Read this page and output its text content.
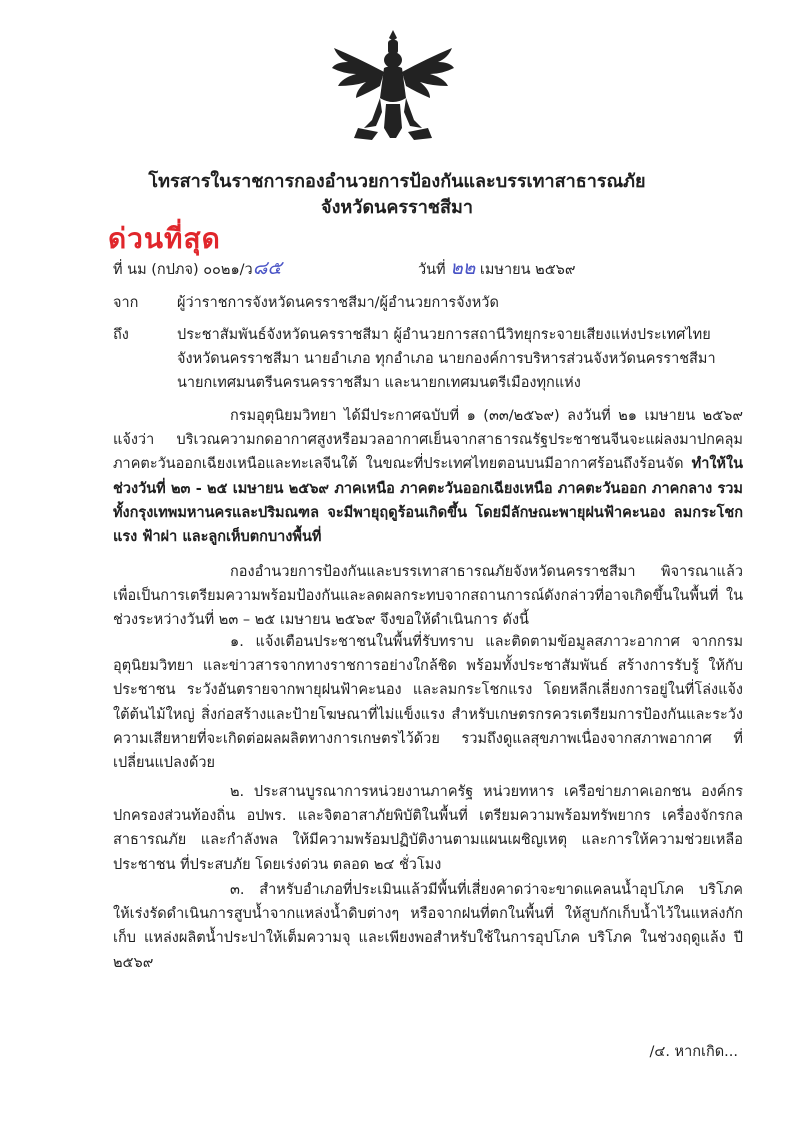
โทรสารในราชการกองอำนวยการป้องกันและบรรเทาสาธารณภัย
จังหวัดนครราชสีมา
ด่วนที่สุด
ที่ นม (กปภจ) ๐๐๒๑/ว๘๕	วันที่ ๒๒ เมษายน ๒๕๖๙
จาก	ผู้ว่าราชการจังหวัดนครราชสีมา/ผู้อำนวยการจังหวัด
ถึง	ประชาสัมพันธ์จังหวัดนครราชสีมา ผู้อำนวยการสถานีวิทยุกระจายเสียงแห่งประเทศไทย
จังหวัดนครราชสีมา นายอำเภอ ทุกอำเภอ นายกองค์การบริหารส่วนจังหวัดนครราชสีมา
นายกเทศมนตรีนครนครราชสีมา และนายกเทศมนตรีเมืองทุกแห่ง

กรมอุตุนิยมวิทยา ได้มีประกาศฉบับที่ ๑ (๓๓/๒๕๖๙) ลงวันที่ ๒๑ เมษายน ๒๕๖๙ แจ้งว่า บริเวณความกดอากาศสูงหรือมวลอากาศเย็นจากสาธารณรัฐประชาชนจีนจะแผ่ลงมาปกคลุม ภาคตะวันออกเฉียงเหนือและทะเลจีนใต้ ในขณะที่ประเทศไทยตอนบนมีอากาศร้อนถึงร้อนจัด ทำให้ในช่วงวันที่ ๒๓ - ๒๕ เมษายน ๒๕๖๙ ภาคเหนือ ภาคตะวันออกเฉียงเหนือ ภาคตะวันออก ภาคกลาง รวมทั้งกรุงเทพมหานครและปริมณฑล จะมีพายุฤดูร้อนเกิดขึ้น โดยมีลักษณะพายุฝนฟ้าคะนอง ลมกระโชกแรง ฟ้าผ่า และลูกเห็บตกบางพื้นที่

กองอำนวยการป้องกันและบรรเทาสาธารณภัยจังหวัดนครราชสีมา พิจารณาแล้ว เพื่อเป็นการเตรียมความพร้อมป้องกันและลดผลกระทบจากสถานการณ์ดังกล่าวที่อาจเกิดขึ้นในพื้นที่ ในช่วงระหว่างวันที่ ๒๓ – ๒๕ เมษายน ๒๕๖๙ จึงขอให้ดำเนินการ ดังนี้

๑. แจ้งเตือนประชาชนในพื้นที่รับทราบ และติดตามข้อมูลสภาวะอากาศ จากกรมอุตุนิยมวิทยา และข่าวสารจากทางราชการอย่างใกล้ชิด พร้อมทั้งประชาสัมพันธ์ สร้างการรับรู้ ให้กับประชาชน ระวังอันตรายจากพายุฝนฟ้าคะนอง และลมกระโชกแรง โดยหลีกเลี่ยงการอยู่ในที่โล่งแจ้ง ใต้ต้นไม้ใหญ่ สิ่งก่อสร้างและป้ายโฆษณาที่ไม่แข็งแรง สำหรับเกษตรกรควรเตรียมการป้องกันและระวัง ความเสียหายที่จะเกิดต่อผลผลิตทางการเกษตรไว้ด้วย รวมถึงดูแลสุขภาพเนื่องจากสภาพอากาศ ที่เปลี่ยนแปลงด้วย

๒. ประสานบูรณาการหน่วยงานภาครัฐ หน่วยทหาร เครือข่ายภาคเอกชน องค์กรปกครองส่วนท้องถิ่น อปพร. และจิตอาสาภัยพิบัติในพื้นที่ เตรียมความพร้อมทรัพยากร เครื่องจักรกล สาธารณภัย และกำลังพล ให้มีความพร้อมปฏิบัติงานตามแผนเผชิญเหตุ และการให้ความช่วยเหลือประชาชน ที่ประสบภัย โดยเร่งด่วน ตลอด ๒๔ ชั่วโมง

๓. สำหรับอำเภอที่ประเมินแล้วมีพื้นที่เสี่ยงคาดว่าจะขาดแคลนน้ำอุปโภค บริโภค ให้เร่งรัดดำเนินการสูบน้ำจากแหล่งน้ำดิบต่างๆ หรือจากฝนที่ตกในพื้นที่ ให้สูบกักเก็บน้ำไว้ในแหล่งกักเก็บ แหล่งผลิตน้ำประปาให้เต็มความจุ และเพียงพอสำหรับใช้ในการอุปโภค บริโภค ในช่วงฤดูแล้ง ปี ๒๕๖๙

/๔. หากเกิด...
